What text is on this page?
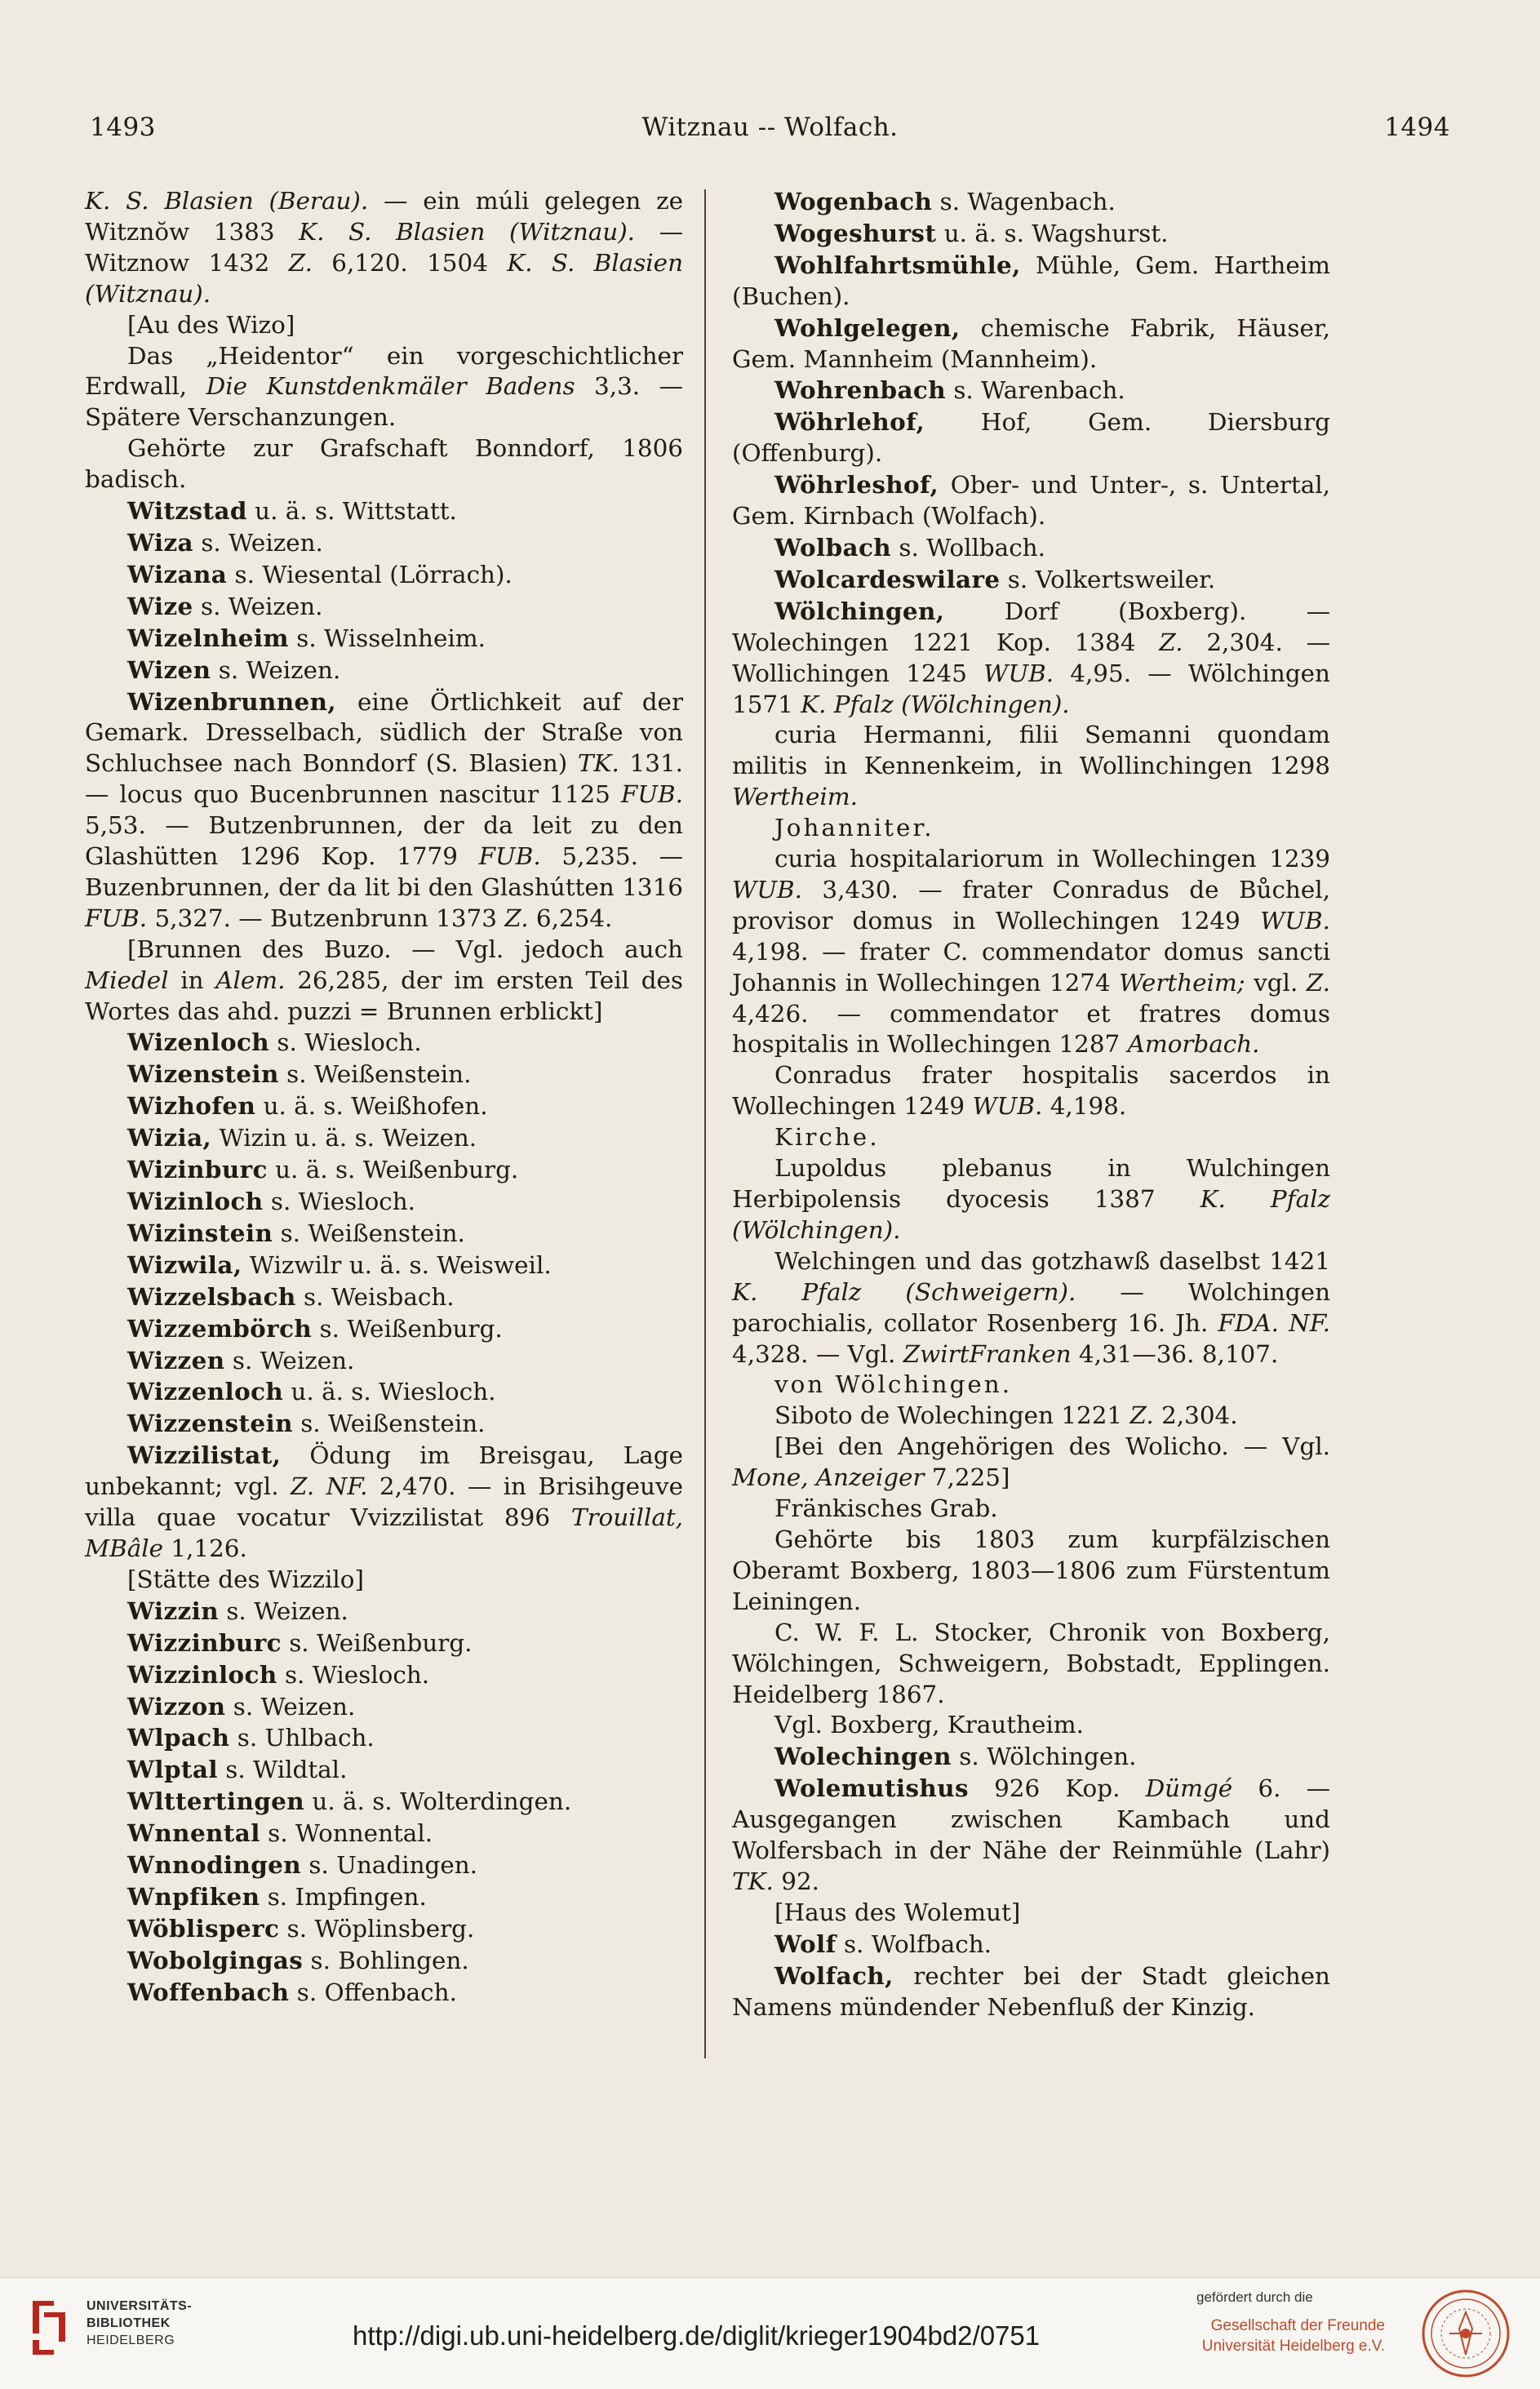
1493	Witznau -- Wolfach.	1494

K. S. Blasien (Berau). — ein múli gelegen ze Witznŏw 1383 K. S. Blasien (Witznau). — Witznow 1432 Z. 6,120. 1504 K. S. Blasien (Witznau).

[Au des Wizo]

Das „Heidentor“ ein vorgeschichtlicher Erdwall, Die Kunstdenkmäler Badens 3,3. — Spätere Verschanzungen.

Gehörte zur Grafschaft Bonndorf, 1806 badisch.

Witzstad u. ä. s. Wittstatt.

Wiza s. Weizen.

Wizana s. Wiesental (Lörrach).

Wize s. Weizen.

Wizelnheim s. Wisselnheim.

Wizen s. Weizen.

Wizenbrunnen, eine Örtlichkeit auf der Gemark. Dresselbach, südlich der Straße von Schluchsee nach Bonndorf (S. Blasien) TK. 131. — locus quo Bucenbrunnen nascitur 1125 FUB. 5,53. — Butzenbrunnen, der da leit zu den Glashütten 1296 Kop. 1779 FUB. 5,235. — Buzenbrunnen, der da lit bi den Glashútten 1316 FUB. 5,327. — Butzenbrunn 1373 Z. 6,254.

[Brunnen des Buzo. — Vgl. jedoch auch Miedel in Alem. 26,285, der im ersten Teil des Wortes das ahd. puzzi = Brunnen erblickt]

Wizenloch s. Wiesloch.

Wizenstein s. Weißenstein.

Wizhofen u. ä. s. Weißhofen.

Wizia, Wizin u. ä. s. Weizen.

Wizinburc u. ä. s. Weißenburg.

Wizinloch s. Wiesloch.

Wizinstein s. Weißenstein.

Wizwila, Wizwilr u. ä. s. Weisweil.

Wizzelsbach s. Weisbach.

Wizzembörch s. Weißenburg.

Wizzen s. Weizen.

Wizzenloch u. ä. s. Wiesloch.

Wizzenstein s. Weißenstein.

Wizzilistat, Ödung im Breisgau, Lage unbekannt; vgl. Z. NF. 2,470. — in Brisihgeuve villa quae vocatur Vvizzilistat 896 Trouillat, MBâle 1,126.

[Stätte des Wizzilo]

Wizzin s. Weizen.

Wizzinburc s. Weißenburg.

Wizzinloch s. Wiesloch.

Wizzon s. Weizen.

Wlpach s. Uhlbach.

Wlptal s. Wildtal.

Wlttertingen u. ä. s. Wolterdingen.

Wnnental s. Wonnental.

Wnnodingen s. Unadingen.

Wnpfiken s. Impfingen.

Wöblisperc s. Wöplinsberg.

Wobolgingas s. Bohlingen.

Woffenbach s. Offenbach.

Wogenbach s. Wagenbach.

Wogeshurst u. ä. s. Wagshurst.

Wohlfahrtsmühle, Mühle, Gem. Hartheim (Buchen).

Wohlgelegen, chemische Fabrik, Häuser, Gem. Mannheim (Mannheim).

Wohrenbach s. Warenbach.

Wöhrlehof, Hof, Gem. Diersburg (Offenburg).

Wöhrleshof, Ober- und Unter-, s. Untertal, Gem. Kirnbach (Wolfach).

Wolbach s. Wollbach.

Wolcardeswilare s. Volkertsweiler.

Wölchingen, Dorf (Boxberg). — Wolechingen 1221 Kop. 1384 Z. 2,304. — Wollichingen 1245 WUB. 4,95. — Wölchingen 1571 K. Pfalz (Wölchingen).

curia Hermanni, filii Semanni quondam militis in Kennenkeim, in Wollinchingen 1298 Wertheim.

Johanniter.

curia hospitalariorum in Wollechingen 1239 WUB. 3,430. — frater Conradus de Bůchel, provisor domus in Wollechingen 1249 WUB. 4,198. — frater C. commendator domus sancti Johannis in Wollechingen 1274 Wertheim; vgl. Z. 4,426. — commendator et fratres domus hospitalis in Wollechingen 1287 Amorbach.

Conradus frater hospitalis sacerdos in Wollechingen 1249 WUB. 4,198.

Kirche.

Lupoldus plebanus in Wulchingen Herbipolensis dyocesis 1387 K. Pfalz (Wölchingen).

Welchingen und das gotzhawß daselbst 1421 K. Pfalz (Schweigern). — Wolchingen parochialis, collator Rosenberg 16. Jh. FDA. NF. 4,328. — Vgl. ZwirtFranken 4,31—36. 8,107.

von Wölchingen.

Siboto de Wolechingen 1221 Z. 2,304.

[Bei den Angehörigen des Wolicho. — Vgl. Mone, Anzeiger 7,225]

Fränkisches Grab.

Gehörte bis 1803 zum kurpfälzischen Oberamt Boxberg, 1803—1806 zum Fürstentum Leiningen.

C. W. F. L. Stocker, Chronik von Boxberg, Wölchingen, Schweigern, Bobstadt, Epplingen. Heidelberg 1867.

Vgl. Boxberg, Krautheim.

Wolechingen s. Wölchingen.

Wolemutishus 926 Kop. Dümgé 6. — Ausgegangen zwischen Kambach und Wolfersbach in der Nähe der Reinmühle (Lahr) TK. 92.

[Haus des Wolemut]

Wolf s. Wolfbach.

Wolfach, rechter bei der Stadt gleichen Namens mündender Nebenfluß der Kinzig.

UNIVERSITÄTS-
BIBLIOTHEK
HEIDELBERG	http://digi.ub.uni-heidelberg.de/diglit/krieger1904bd2/0751
gefördert durch die
Gesellschaft der Freunde
Universität Heidelberg e.V.
